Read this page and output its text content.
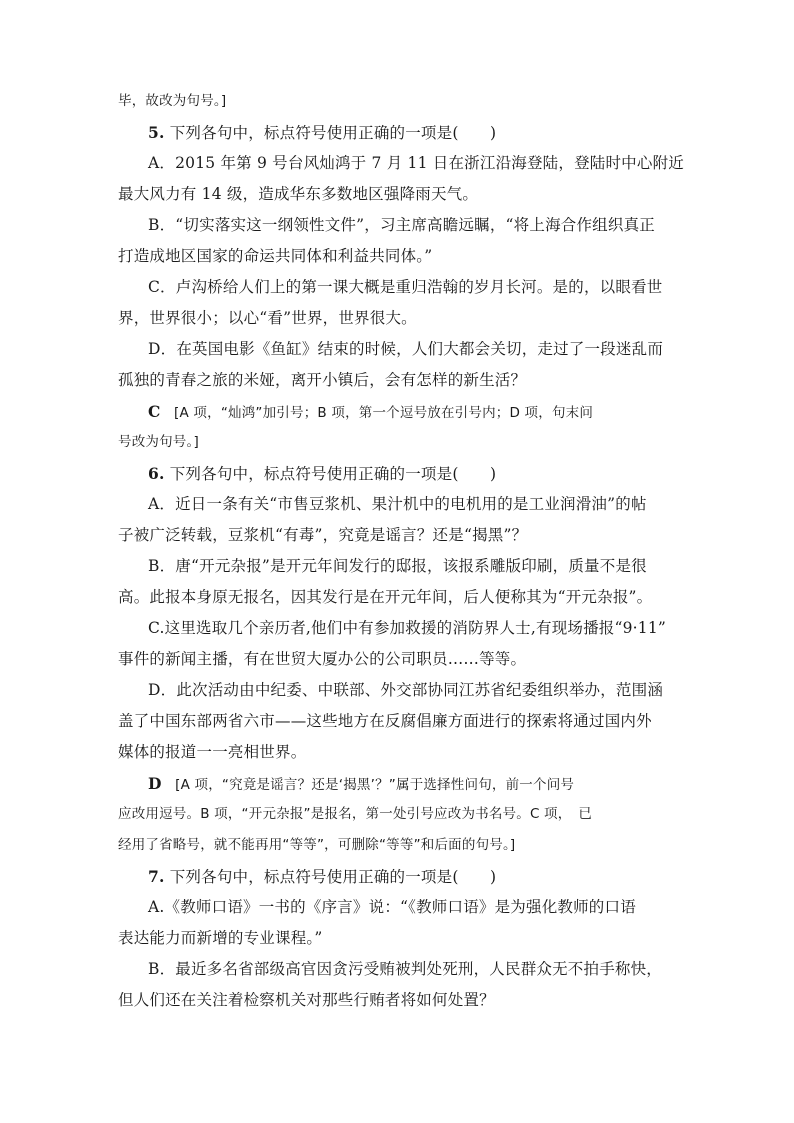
毕，故改为句号。]
5. 下列各句中，标点符号使用正确的一项是(　　)
A．2015 年第 9 号台风灿鸿于 7 月 11 日在浙江沿海登陆，登陆时中心附近
最大风力有 14 级，造成华东多数地区强降雨天气。
B．“切实落实这一纲领性文件”，习主席高瞻远瞩，“将上海合作组织真正
打造成地区国家的命运共同体和利益共同体。”
C．卢沟桥给人们上的第一课大概是重归浩翰的岁月长河。是的，以眼看世
界，世界很小；以心“看”世界，世界很大。
D．在英国电影《鱼缸》结束的时候，人们大都会关切，走过了一段迷乱而
孤独的青春之旅的米娅，离开小镇后，会有怎样的新生活？
C [A 项，“灿鸿”加引号；B 项，第一个逗号放在引号内；D 项，句末问
号改为句号。]
6. 下列各句中，标点符号使用正确的一项是(　　)
A．近日一条有关“市售豆浆机、果汁机中的电机用的是工业润滑油”的帖
子被广泛转载，豆浆机“有毒”，究竟是谣言？还是“揭黑”？
B．唐“开元杂报”是开元年间发行的邸报，该报系雕版印刷，质量不是很
高。此报本身原无报名，因其发行是在开元年间，后人便称其为“开元杂报”。
C.这里选取几个亲历者,他们中有参加救援的消防界人士,有现场播报“9·11”
事件的新闻主播，有在世贸大厦办公的公司职员……等等。
D．此次活动由中纪委、中联部、外交部协同江苏省纪委组织举办，范围涵
盖了中国东部两省六市——这些地方在反腐倡廉方面进行的探索将通过国内外
媒体的报道一一亮相世界。
D [A 项，“究竟是谣言？还是‘揭黑’？”属于选择性问句，前一个问号
应改用逗号。B 项，“开元杂报”是报名，第一处引号应改为书名号。C 项，　已
经用了省略号，就不能再用“等等”，可删除“等等”和后面的句号。]
7. 下列各句中，标点符号使用正确的一项是(　　)
A.《教师口语》一书的《序言》说：“《教师口语》是为强化教师的口语
表达能力而新增的专业课程。”
B．最近多名省部级高官因贪污受贿被判处死刑，人民群众无不拍手称快，
但人们还在关注着检察机关对那些行贿者将如何处置？
